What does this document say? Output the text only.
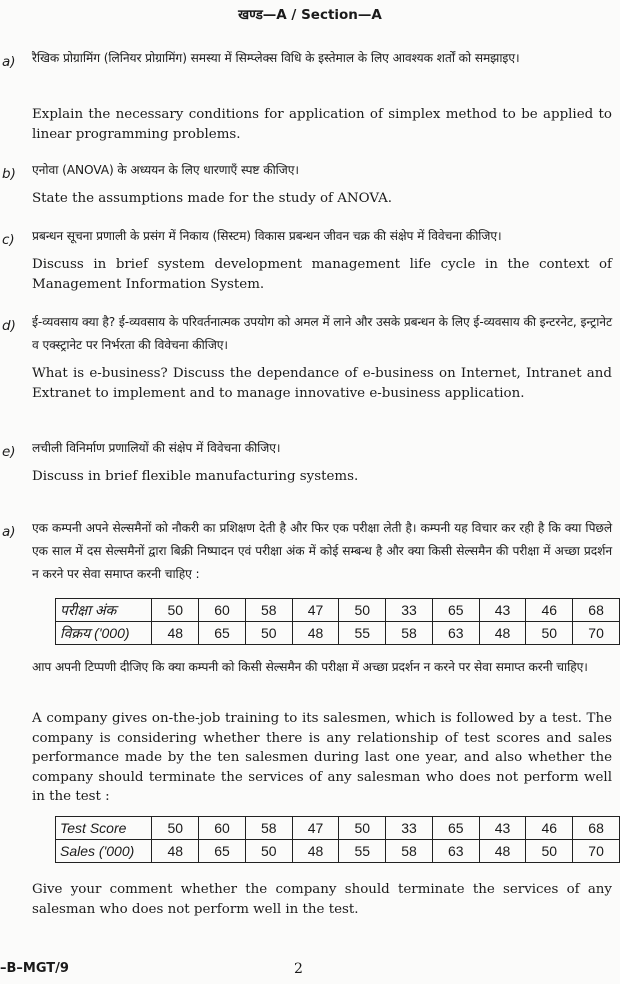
खण्ड—A / Section—A
a) रैखिक प्रोग्रामिंग (लिनियर प्रोग्रामिंग) समस्या में सिम्प्लेक्स विधि के इस्तेमाल के लिए आवश्यक शर्तों को समझाइए।
Explain the necessary conditions for application of simplex method to be applied to linear programming problems.
b) एनोवा (ANOVA) के अध्ययन के लिए धारणाएँ स्पष्ट कीजिए।
State the assumptions made for the study of ANOVA.
c) प्रबन्धन सूचना प्रणाली के प्रसंग में निकाय (सिस्टम) विकास प्रबन्धन जीवन चक्र की संक्षेप में विवेचना कीजिए।
Discuss in brief system development management life cycle in the context of Management Information System.
d) ई-व्यवसाय क्या है? ई-व्यवसाय के परिवर्तनात्मक उपयोग को अमल में लाने और उसके प्रबन्धन के लिए ई-व्यवसाय की इन्टरनेट, इन्ट्रानेट व एक्स्ट्रानेट पर निर्भरता की विवेचना कीजिए।
What is e-business? Discuss the dependance of e-business on Internet, Intranet and Extranet to implement and to manage innovative e-business application.
e) लचीली विनिर्माण प्रणालियों की संक्षेप में विवेचना कीजिए।
Discuss in brief flexible manufacturing systems.
a) एक कम्पनी अपने सेल्समैनों को नौकरी का प्रशिक्षण देती है और फिर एक परीक्षा लेती है। कम्पनी यह विचार कर रही है कि क्या पिछले एक साल में दस सेल्समैनों द्वारा बिक्री निष्पादन एवं परीक्षा अंक में कोई सम्बन्ध है और क्या किसी सेल्समैन की परीक्षा में अच्छा प्रदर्शन न करने पर सेवा समाप्त करनी चाहिए :
परीक्षा अंक	50	60	58	47	50	33	65	43	46	68
विक्रय ('000)	48	65	50	48	55	58	63	48	50	70
आप अपनी टिप्पणी दीजिए कि क्या कम्पनी को किसी सेल्समैन की परीक्षा में अच्छा प्रदर्शन न करने पर सेवा समाप्त करनी चाहिए।
A company gives on-the-job training to its salesmen, which is followed by a test. The company is considering whether there is any relationship of test scores and sales performance made by the ten salesmen during last one year, and also whether the company should terminate the services of any salesman who does not perform well in the test :
Test Score	50	60	58	47	50	33	65	43	46	68
Sales ('000)	48	65	50	48	55	58	63	48	50	70
Give your comment whether the company should terminate the services of any salesman who does not perform well in the test.
–B–MGT/9	2
